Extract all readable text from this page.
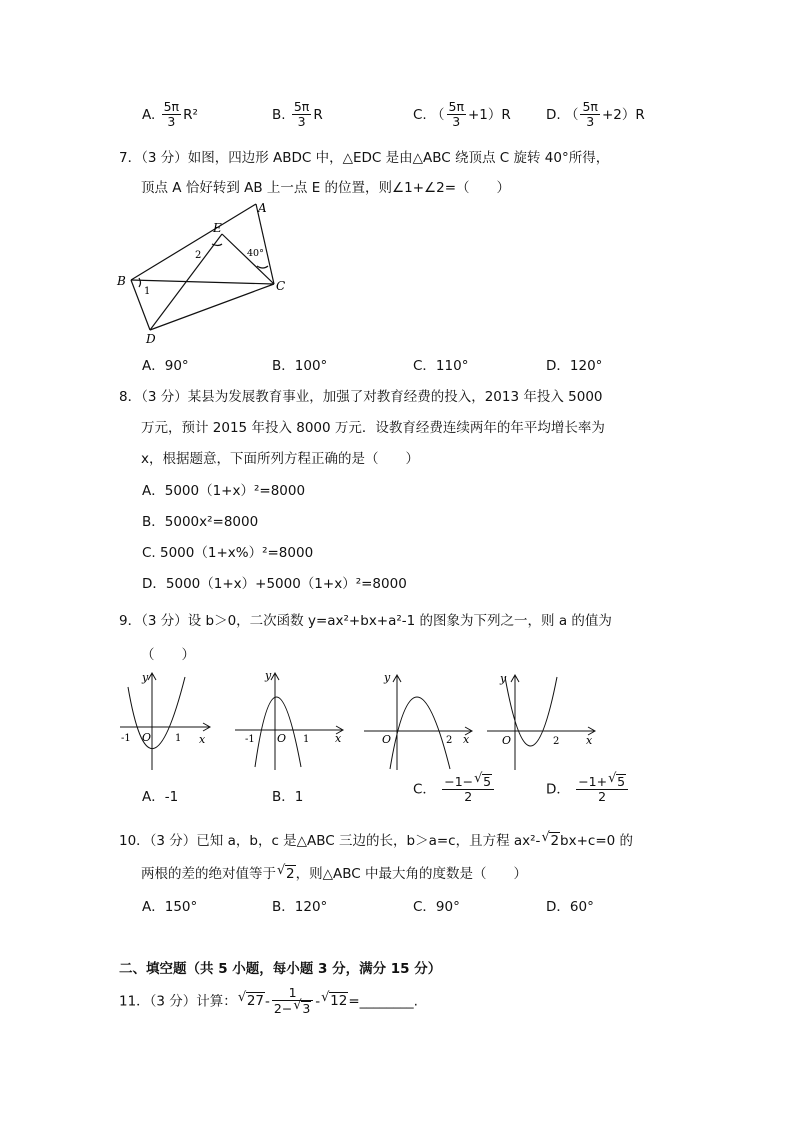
A. $\frac{5\pi}{3} R^2$	B. $\frac{5\pi}{3}$ R	C. （ $\frac{5\pi}{3} +1)R$	D. （ $\frac{5\pi}{3} +2)R$
7．（3 分）如图，四边形 ABDC 中，△EDC 是由△ABC 绕顶点 C 旋转 40°所得，
顶点 A 恰好转到 AB 上一点 E 的位置，则∠1+∠2=（　　）
A
E
B	C
D
1
2	40°
A．90°	B．100°	C．110°	D．120°
8．（3 分）某县为发展教育事业，加强了对教育经费的投入，2013 年投入 5000
万元，预计 2015 年投入 8000 万元．设教育经费连续两年的年平均增长率为
x，根据题意，下面所列方程正确的是（　　）
A．5000（1+x）²=8000
B．5000x²=8000
C. 5000（1+x%）²=8000
D．5000（1+x）+5000（1+x）²=8000
9．（3 分）设 b＞0，二次函数 y=ax²+bx+a²-1 的图象为下列之一，则 a 的值为
（　　）
x
y
O
-1	1	x
y
O
-1	1	x
y
O	2	x
y
O	2
A．-1	B．1	C． $\frac{-1- √ 5}{2}$	D． $\frac{-1+ √ 5}{2}$
10．（3 分）已知 a，b，c 是△ABC 三边的长，b＞a=c，且方程 ax²- √ 2bx+c=0 的
两根的差的绝对值等于 √ 2，则△ABC 中最大角的度数是（　　）
A．150°	B．120°	C．90°	D．60°
二、填空题（共 5 小题，每小题 3 分，满分 15 分）
11．（3 分）计算： √ $27- \frac{1}{2- √ 3}$ - √ 12=________.
